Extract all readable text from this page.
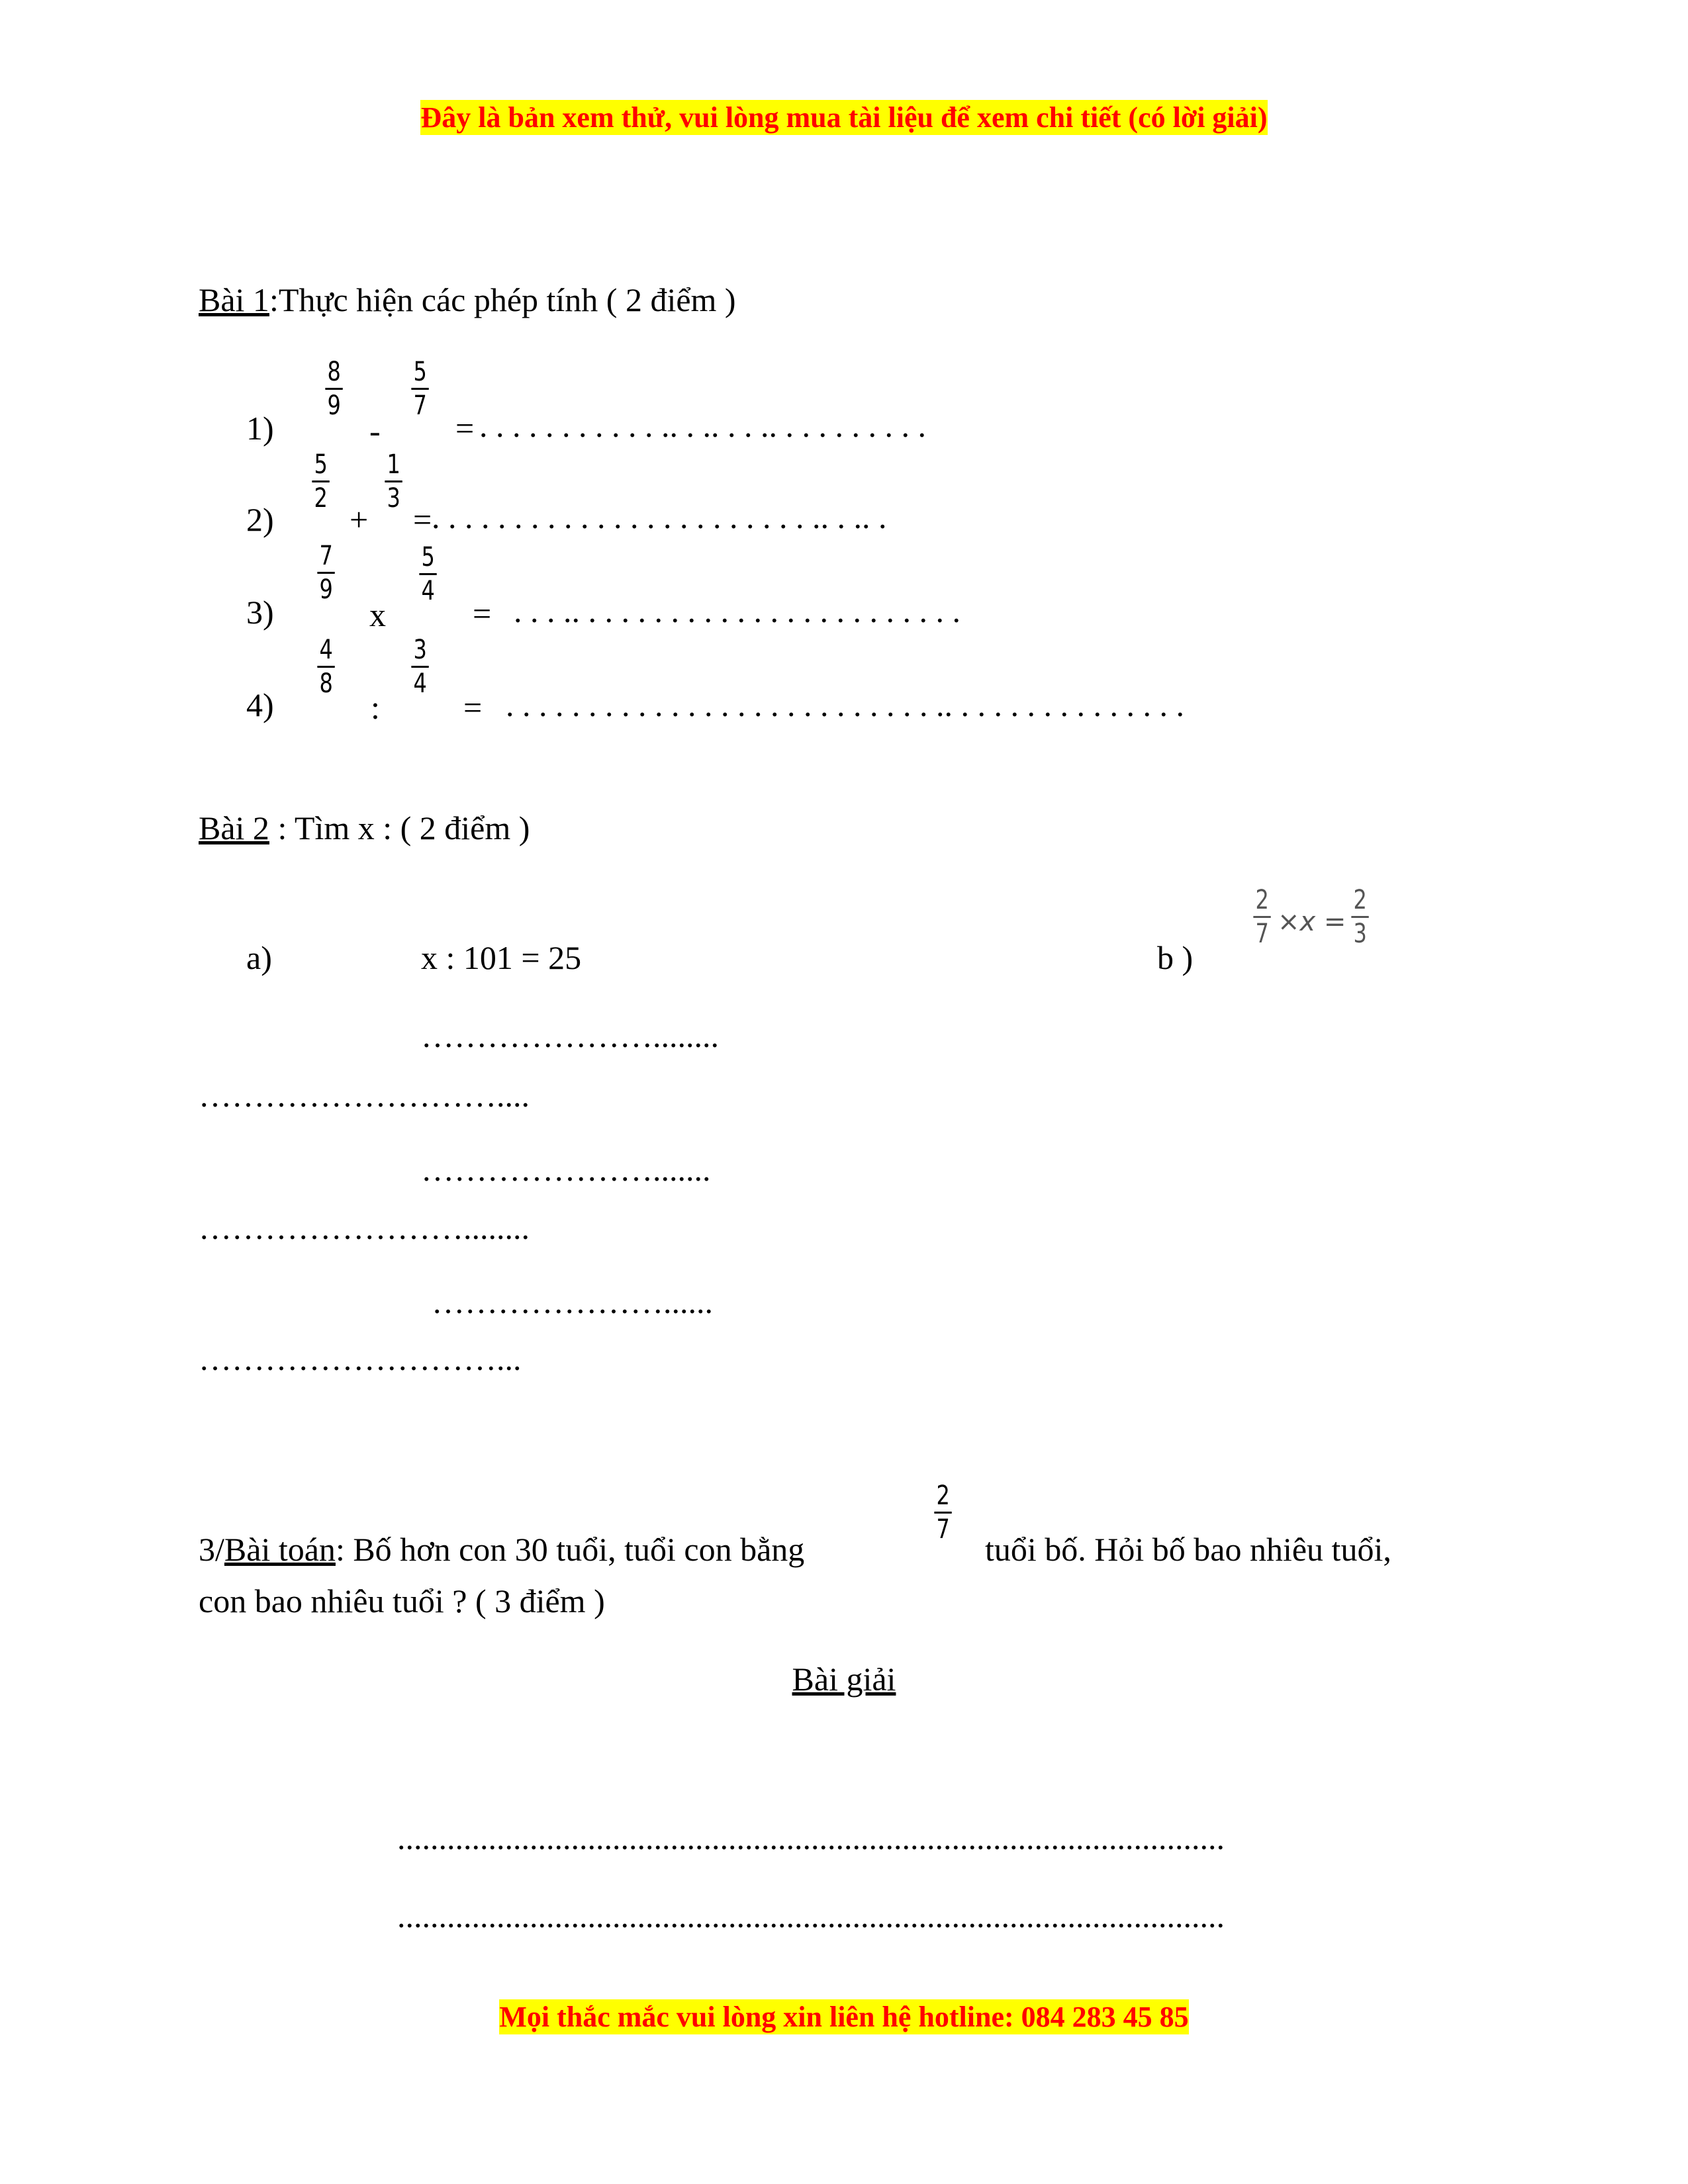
Đây là bản xem thử, vui lòng mua tài liệu để xem chi tiết (có lời giải)
Bài 1:Thực hiện các phép tính ( 2 điểm )
1)
$\frac{8}{9}$
-
$\frac{5}{7}$
= . . . . . . . . . . . .. . .. . . .. . . . . . . . . .
2)
$\frac{5}{2}$
+
$\frac{1}{3}$
= . . . . . . . . . . . . . . . . . . . . . . . .. . .. .
3)
$\frac{7}{9}$
x
$\frac{5}{4}$
= . . . .. . . . . . . . . . . . . . . . . . . . . . . .
4)
$\frac{4}{8}$
:
$\frac{3}{4}$
= . . . . . . . . . . . . . . . . . . . . . . . . . . .. . . . . . . . . . . . . . .
Bài 2 : Tìm x : ( 2 điểm )
a)	x : 101 = 25	b )
$\frac{2}{7} \times x = \frac{2}{3}$
…………………........
………………………....
………………….......
……………………........
…………………......
………………………...
3/Bài toán: Bố hơn con 30 tuổi, tuổi con bằng
$\frac{2}{7}$
tuổi bố. Hỏi bố bao nhiêu tuổi,
con bao nhiêu tuổi ? ( 3 điểm )
Bài giải
....................................................................................................
....................................................................................................
Mọi thắc mắc vui lòng xin liên hệ hotline: 084 283 45 85
